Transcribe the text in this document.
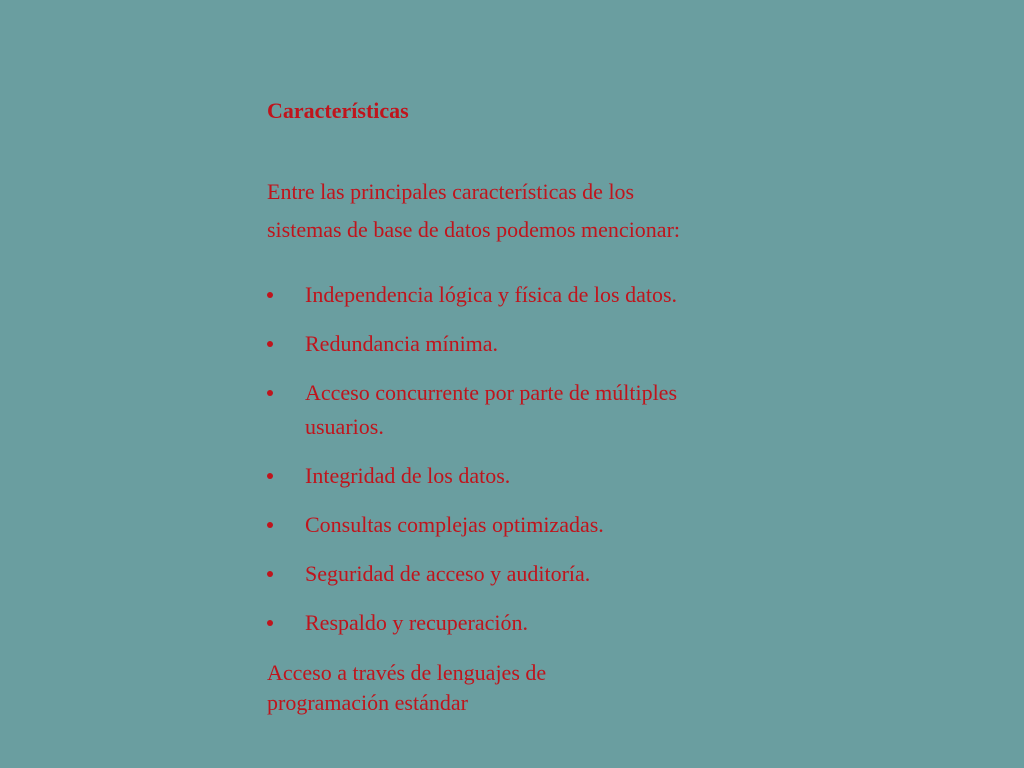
Características
Entre las principales características de los
sistemas de base de datos podemos mencionar:
Independencia lógica y física de los datos.
Redundancia mínima.
Acceso concurrente por parte de múltiples
usuarios.
Integridad de los datos.
Consultas complejas optimizadas.
Seguridad de acceso y auditoría.
Respaldo y recuperación.
Acceso a través de lenguajes de
programación estándar
